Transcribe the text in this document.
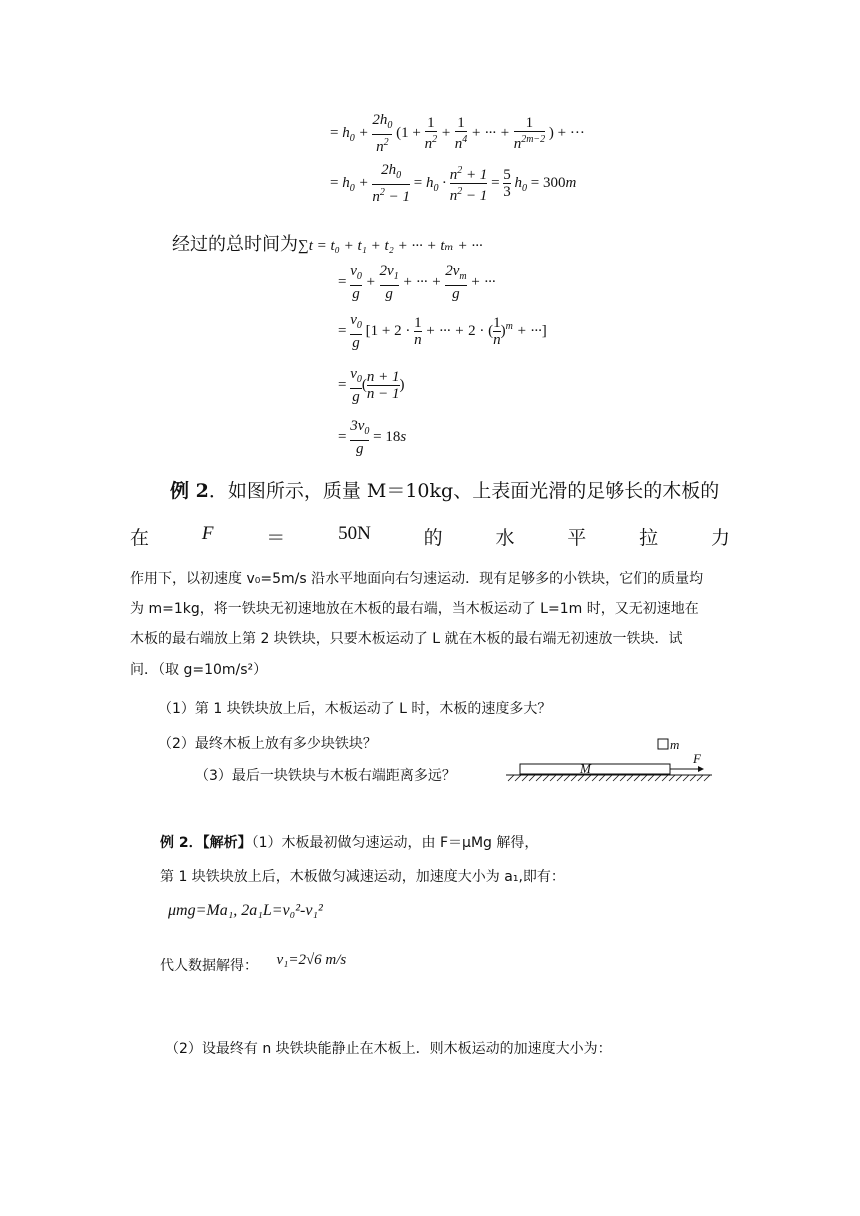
= $h_0 + \frac{2h_0}{n^2} (1 + \frac{1}{n^2} + \frac{1}{n^4}$ + ··· + $\frac{1}{n^{2m-2}}$ ) + ···
= $h_0 + \frac{2h_0}{n^2 - 1} = h_0 \cdot \frac{n^2 + 1}{n^2 - 1} = \frac{5}{3} h_0 = 300m$
经过的总时间为∑t = t₀ + t₁ + t₂ + ··· + tₘ + ···
= $\frac{v_0}{g} + \frac{2v_1}{g}$ + ··· + $\frac{2v_m}{g}$ + ···
= $\frac{v_0}{g} [1 + 2 \cdot \frac{1}{n}$ + ··· + 2 · ( $\frac{1}{n} )^m$ + ···]
= $\frac{v_0}{g}$ ( $\frac{n + 1}{n - 1}$ )
= $\frac{3v_0}{g} = 18s$
例 2．如图所示，质量 M＝10kg、上表面光滑的足够长的木板的
在	F	＝	50N	的	水	平	拉	力
作用下，以初速度 v₀=5m/s 沿水平地面向右匀速运动．现有足够多的小铁块，它们的质量均
为 m=1kg，将一铁块无初速地放在木板的最右端，当木板运动了 L=1m 时，又无初速地在
木板的最右端放上第 2 块铁块，只要木板运动了 L 就在木板的最右端无初速放一铁块．试
问．（取 g=10m/s²）
（1）第 1 块铁块放上后，木板运动了 L 时，木板的速度多大？
（2）最终木板上放有多少块铁块？
（3）最后一块铁块与木板右端距离多远？
m
M
F
例 2．【解析】（1）木板最初做匀速运动，由 F＝μMg 解得，
第 1 块铁块放上后，木板做匀减速运动，加速度大小为 a₁,即有：
μmg=Ma₁, 2a₁L=v₀²-v₁²
代人数据解得： v₁=2√6 m/s
（2）设最终有 n 块铁块能静止在木板上．则木板运动的加速度大小为：
